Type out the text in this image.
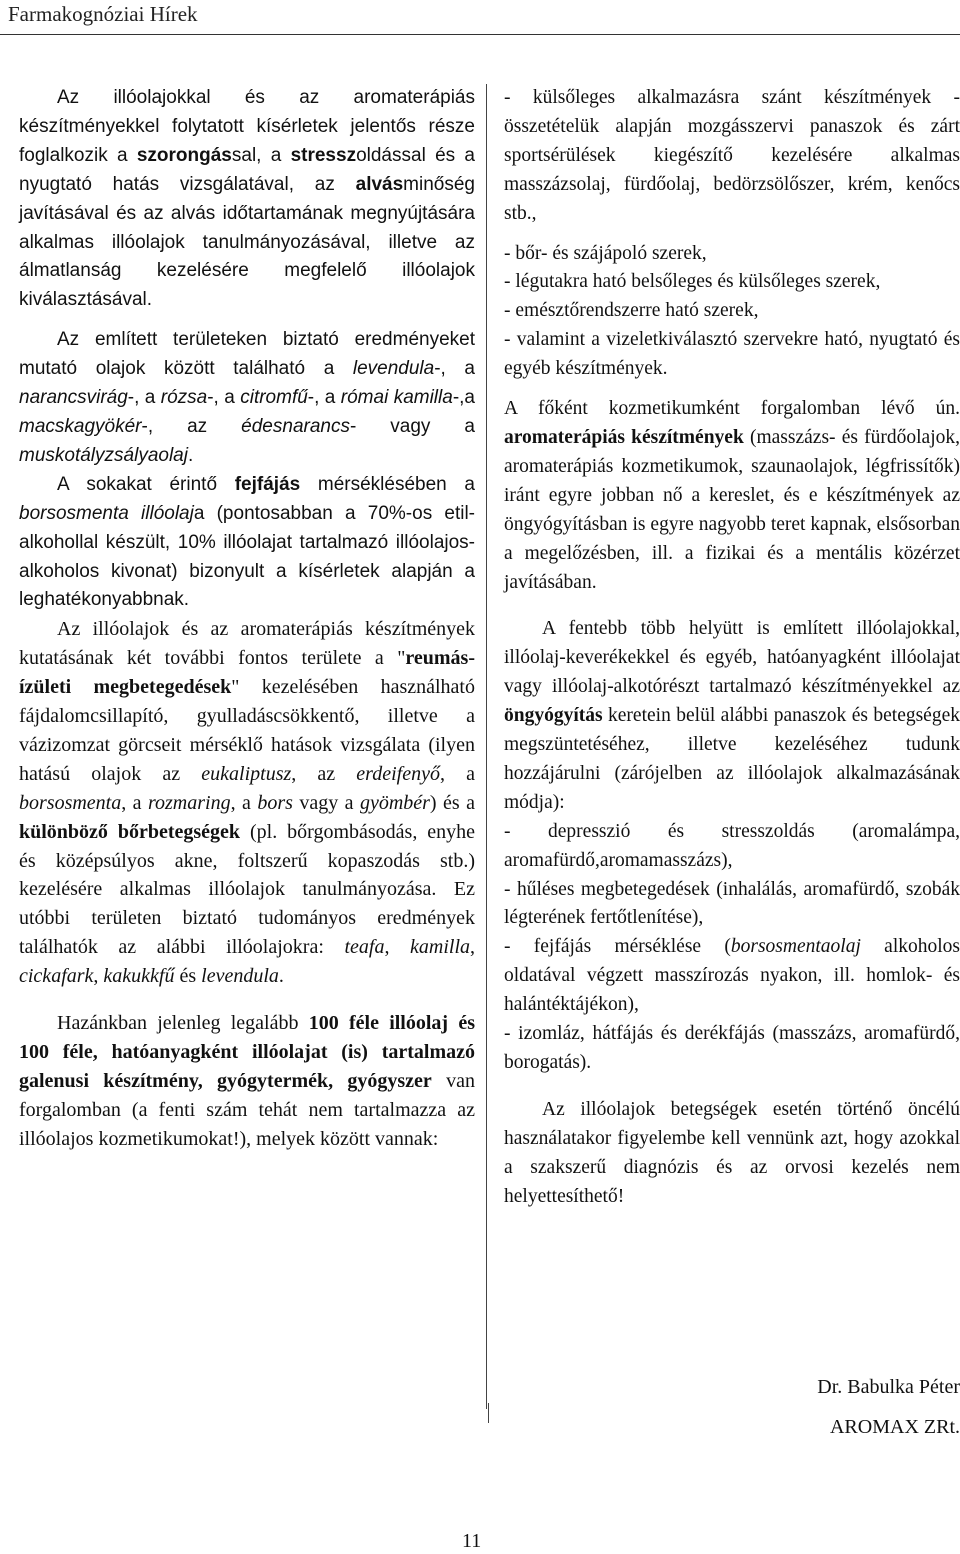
Farmakognóziai Hírek

Az illóolajokkal és az aromaterápiás készítményekkel folytatott kísérletek jelentős része foglalkozik a szorongással, a stresszoldással és a nyugtató hatás vizsgálatával, az alvásminőség javításával és az alvás időtartamának megnyújtására alkalmas illóolajok tanulmányozásával, illetve az álmatlanság kezelésére megfelelő illóolajok kiválasztásával.

Az említett területeken biztató eredményeket mutató olajok között található a levendula-, a narancsvirág-, a rózsa-, a citromfű-, a római kamilla-,a macskagyökér-, az édesnarancs- vagy a muskotályzsályaolaj.

A sokakat érintő fejfájás mérséklésében a borsosmenta illóolaja (pontosabban a 70%-os etil-alkohollal készült, 10% illóolajat tartalmazó illóolajos-alkoholos kivonat) bizonyult a kísérletek alapján a leghatékonyabbnak.

Az illóolajok és az aromaterápiás készítmények kutatásának két további fontos területe a "reumás-ízületi megbetegedések" kezelésében használható fájdalomcsillapító, gyulladáscsökkentő, illetve a vázizomzat görcseit mérséklő hatások vizsgálata (ilyen hatású olajok az eukaliptusz, az erdeifenyő, a borsosmenta, a rozmaring, a bors vagy a gyömbér) és a különböző bőrbetegségek (pl. bőrgombásodás, enyhe és középsúlyos akne, foltszerű kopaszodás stb.) kezelésére alkalmas illóolajok tanulmányozása. Ez utóbbi területen biztató tudományos eredmények találhatók az alábbi illóolajokra: teafa, kamilla, cickafark, kakukkfű és levendula.

Hazánkban jelenleg legalább 100 féle illóolaj és 100 féle, hatóanyagként illóolajat (is) tartalmazó galenusi készítmény, gyógytermék, gyógyszer van forgalomban (a fenti szám tehát nem tartalmazza az illóolajos kozmetikumokat!), melyek között vannak:

- külsőleges alkalmazásra szánt készítmények - összetételük alapján mozgásszervi panaszok és zárt sportsérülések kiegészítő kezelésére alkalmas masszázsolaj, fürdőolaj, bedörzsölőszer, krém, kenőcs stb.,

- bőr- és szájápoló szerek,

- légutakra ható belsőleges és külsőleges szerek,

- emésztőrendszerre ható szerek,

- valamint a vizeletkiválasztó szervekre ható, nyugtató és egyéb készítmények.

A főként kozmetikumként forgalomban lévő ún. aromaterápiás készítmények (masszázs- és fürdőolajok, aromaterápiás kozmetikumok, szaunaolajok, légfrissítők) iránt egyre jobban nő a kereslet, és e készítmények az öngyógyításban is egyre nagyobb teret kapnak, elsősorban a megelőzésben, ill. a fizikai és a mentális közérzet javításában.

A fentebb több helyütt is említett illóolajokkal, illóolaj-keverékekkel és egyéb, hatóanyagként illóolajat vagy illóolaj-alkotórészt tartalmazó készítményekkel az öngyógyítás keretein belül alábbi panaszok és betegségek megszüntetéséhez, illetve kezeléséhez tudunk hozzájárulni (zárójelben az illóolajok alkalmazásának módja):

- depresszió és stresszoldás (aromalámpa, aromafürdő,aromamasszázs),

- hűléses megbetegedések (inhalálás, aromafürdő, szobák légterének fertőtlenítése),

- fejfájás mérséklése (borsosmentaolaj alkoholos oldatával végzett masszírozás nyakon, ill. homlok- és halántéktájékon),

- izomláz, hátfájás és derékfájás (masszázs, aromafürdő, borogatás).

Az illóolajok betegségek esetén történő öncélú használatakor figyelembe kell vennünk azt, hogy azokkal a szakszerű diagnózis és az orvosi kezelés nem helyettesíthető!

Dr. Babulka Péter
AROMAX ZRt.
11
